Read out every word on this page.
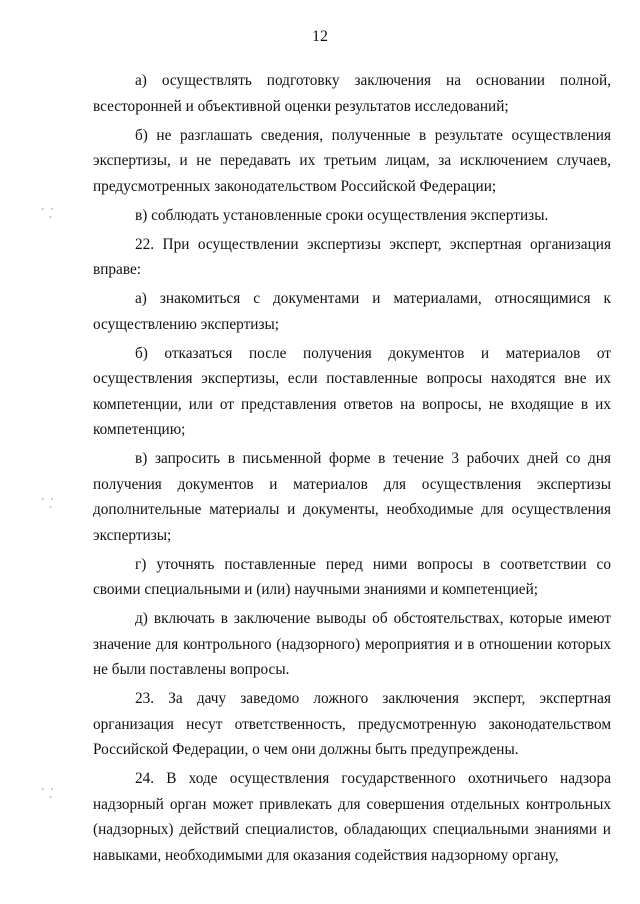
12
ˏ  ˎ
ˎ
ˏ  ˎ
ˎ
ˏ  ˎ
ˎ

а) осуществлять подготовку заключения на основании полной, всесторонней и объективной оценки результатов исследований;

б) не разглашать сведения, полученные в результате осуществления экспертизы, и не передавать их третьим лицам, за исключением случаев, предусмотренных законодательством Российской Федерации;

в) соблюдать установленные сроки осуществления экспертизы.

22. При осуществлении экспертизы эксперт, экспертная организация вправе:

а) знакомиться с документами и материалами, относящимися к осуществлению экспертизы;

б) отказаться после получения документов и материалов от осуществления экспертизы, если поставленные вопросы находятся вне их компетенции, или от представления ответов на вопросы, не входящие в их компетенцию;

в) запросить в письменной форме в течение 3 рабочих дней со дня получения документов и материалов для осуществления экспертизы дополнительные материалы и документы, необходимые для осуществления экспертизы;

г) уточнять поставленные перед ними вопросы в соответствии со своими специальными и (или) научными знаниями и компетенцией;

д) включать в заключение выводы об обстоятельствах, которые имеют значение для контрольного (надзорного) мероприятия и в отношении которых не были поставлены вопросы.

23. За дачу заведомо ложного заключения эксперт, экспертная организация несут ответственность, предусмотренную законодательством Российской Федерации, о чем они должны быть предупреждены.

24. В ходе осуществления государственного охотничьего надзора надзорный орган может привлекать для совершения отдельных контрольных (надзорных) действий специалистов, обладающих специальными знаниями и навыками, необходимыми для оказания содействия надзорному органу,
